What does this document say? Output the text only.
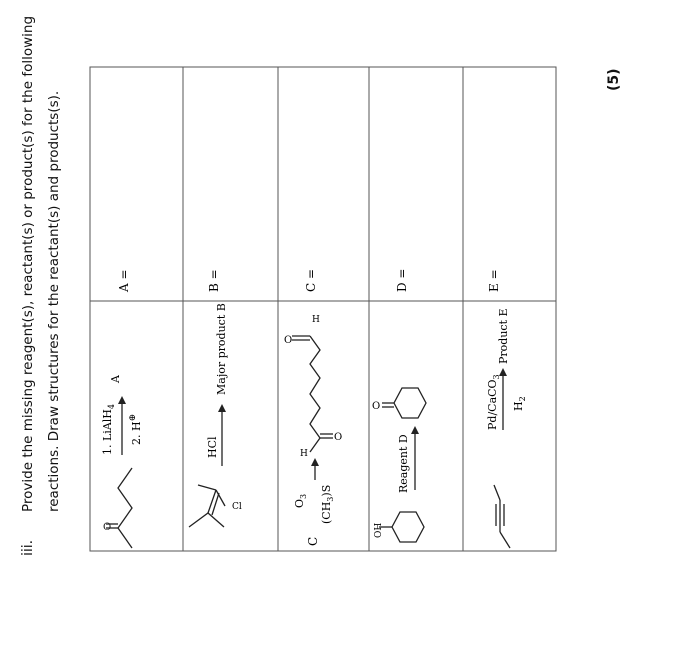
iii.
Provide the missing reagent(s), reactant(s) or product(s) for the following reactions. Draw structures for the reactant(s) and products(s).
(5)
O
1. LiAlH$_4$
2. H⊕
A
A =
Cl
HCl
Major product B
B =
C
$O_3$
$(CH_3)S$
H
O
O
H
C =
OH
O
Reagent D
D =
Pd/CaCO$_3$
$H_2$
Product E
E =
